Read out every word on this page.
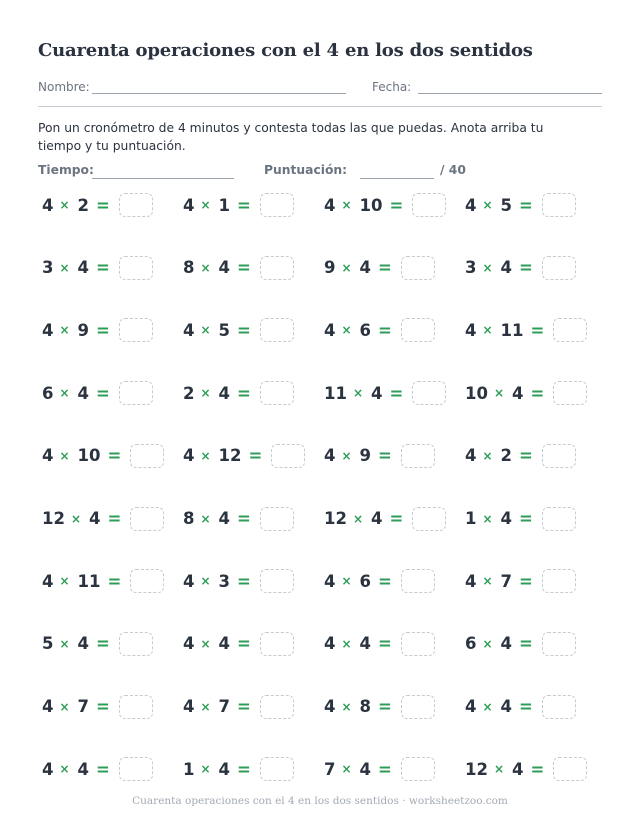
Cuarenta operaciones con el 4 en los dos sentidos
Nombre:	Fecha:
Pon un cronómetro de 4 minutos y contesta todas las que puedas. Anota arriba tu tiempo y tu puntuación.
Tiempo:	Puntuación:	/ 40
4 × 2 =	4 × 1 =	4 × 10 =	4 × 5 =
3 × 4 =	8 × 4 =	9 × 4 =	3 × 4 =
4 × 9 =	4 × 5 =	4 × 6 =	4 × 11 =
6 × 4 =	2 × 4 =	11 × 4 =	10 × 4 =
4 × 10 =	4 × 12 =	4 × 9 =	4 × 2 =
12 × 4 =	8 × 4 =	12 × 4 =	1 × 4 =
4 × 11 =	4 × 3 =	4 × 6 =	4 × 7 =
5 × 4 =	4 × 4 =	4 × 4 =	6 × 4 =
4 × 7 =	4 × 7 =	4 × 8 =	4 × 4 =
4 × 4 =	1 × 4 =	7 × 4 =	12 × 4 =
Cuarenta operaciones con el 4 en los dos sentidos · worksheetzoo.com
